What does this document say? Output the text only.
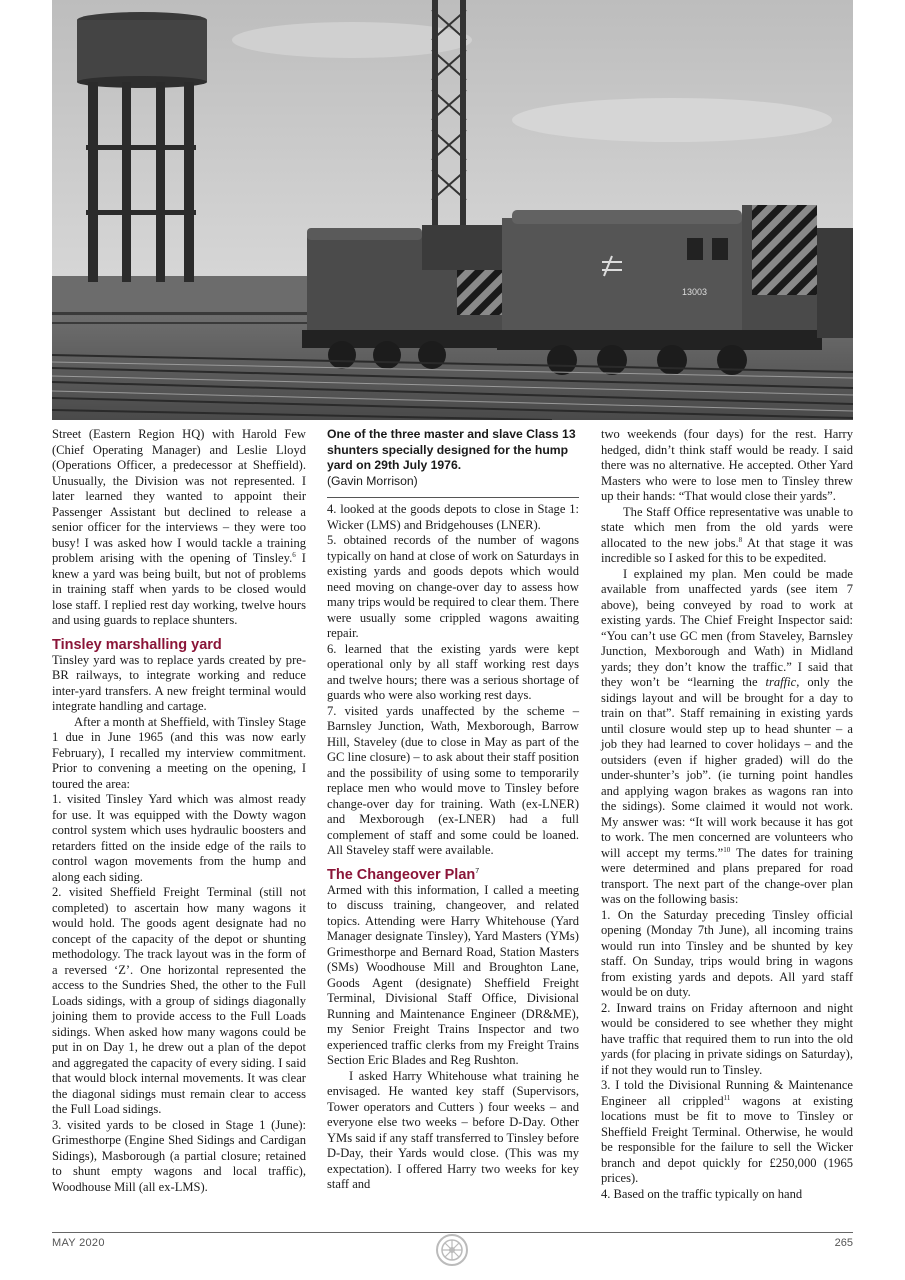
13003

Street (Eastern Region HQ) with Harold Few (Chief Operating Manager) and Leslie Lloyd (Operations Officer, a predecessor at Sheffield). Unusually, the Division was not represented. I later learned they wanted to appoint their Passenger Assistant but declined to release a senior officer for the interviews – they were too busy! I was asked how I would tackle a training problem arising with the opening of Tinsley.$^6$ I knew a yard was being built, but not of problems in training staff when yards to be closed would lose staff. I replied rest day working, twelve hours and using guards to replace shunters.

Tinsley marshalling yard

Tinsley yard was to replace yards created by pre-BR railways, to integrate working and reduce inter-yard transfers. A new freight terminal would integrate handling and cartage.

After a month at Sheffield, with Tinsley Stage 1 due in June 1965 (and this was now early February), I recalled my interview commitment. Prior to convening a meeting on the opening, I toured the area:

1. visited Tinsley Yard which was almost ready for use. It was equipped with the Dowty wagon control system which uses hydraulic boosters and retarders fitted on the inside edge of the rails to control wagon movements from the hump and along each siding.

2. visited Sheffield Freight Terminal (still not completed) to ascertain how many wagons it would hold. The goods agent designate had no concept of the capacity of the depot or shunting methodology. The track layout was in the form of a reversed ‘Z’. One horizontal represented the access to the Sundries Shed, the other to the Full Loads sidings, with a group of sidings diagonally joining them to provide access to the Full Loads sidings. When asked how many wagons could be put in on Day 1, he drew out a plan of the depot and aggregated the capacity of every siding. I said that would block internal movements. It was clear the diagonal sidings must remain clear to access the Full Load sidings.

3. visited yards to be closed in Stage 1 (June): Grimesthorpe (Engine Shed Sidings and Cardigan Sidings), Masborough (a partial closure; retained to shunt empty wagons and local traffic), Woodhouse Mill (all ex-LMS).

One of the three master and slave Class 13 shunters specially designed for the hump yard on 29th July 1976.
(Gavin Morrison)

4. looked at the goods depots to close in Stage 1: Wicker (LMS) and Bridgehouses (LNER).

5. obtained records of the number of wagons typically on hand at close of work on Saturdays in existing yards and goods depots which would need moving on change-over day to assess how many trips would be required to clear them. There were usually some crippled wagons awaiting repair.

6. learned that the existing yards were kept operational only by all staff working rest days and twelve hours; there was a serious shortage of guards who were also working rest days.

7. visited yards unaffected by the scheme – Barnsley Junction, Wath, Mexborough, Barrow Hill, Staveley (due to close in May as part of the GC line closure) – to ask about their staff position and the possibility of using some to temporarily replace men who would move to Tinsley before change-over day for training. Wath (ex-LNER) and Mexborough (ex-LNER) had a full complement of staff and some could be loaned. All Staveley staff were available.

The Changeover Plan$^7$

Armed with this information, I called a meeting to discuss training, changeover, and related topics. Attending were Harry Whitehouse (Yard Manager designate Tinsley), Yard Masters (YMs) Grimesthorpe and Bernard Road, Station Masters (SMs) Woodhouse Mill and Broughton Lane, Goods Agent (designate) Sheffield Freight Terminal, Divisional Staff Office, Divisional Running and Maintenance Engineer (DR&ME), my Senior Freight Trains Inspector and two experienced traffic clerks from my Freight Trains Section Eric Blades and Reg Rushton.

I asked Harry Whitehouse what training he envisaged. He wanted key staff (Supervisors, Tower operators and Cutters ) four weeks – and everyone else two weeks – before D-Day. Other YMs said if any staff transferred to Tinsley before D-Day, their Yards would close. (This was my expectation). I offered Harry two weeks for key staff and

two weekends (four days) for the rest. Harry hedged, didn’t think staff would be ready. I said there was no alternative. He accepted. Other Yard Masters who were to lose men to Tinsley threw up their hands: “That would close their yards”.

The Staff Office representative was unable to state which men from the old yards were allocated to the new jobs.$^8$ At that stage it was incredible so I asked for this to be expedited.

I explained my plan. Men could be made available from unaffected yards (see item 7 above), being conveyed by road to work at existing yards. The Chief Freight Inspector said: “You can’t use GC men (from Staveley, Barnsley Junction, Mexborough and Wath) in Midland yards; they don’t know the traffic.” I said that they won’t be “learning the traffic, only the sidings layout and will be brought for a day to train on that”. Staff remaining in existing yards until closure would step up to head shunter – a job they had learned to cover holidays – and the outsiders (even if higher graded) will do the under-shunter’s job”. (ie turning point handles and applying wagon brakes as wagons ran into the sidings). Some claimed it would not work. My answer was: “It will work because it has got to work. The men concerned are volunteers who will accept my terms.”$^{10}$ The dates for training were determined and plans prepared for road transport. The next part of the change-over plan was on the following basis:

1. On the Saturday preceding Tinsley official opening (Monday 7th June), all incoming trains would run into Tinsley and be shunted by key staff. On Sunday, trips would bring in wagons from existing yards and depots. All yard staff would be on duty.

2. Inward trains on Friday afternoon and night would be considered to see whether they might have traffic that required them to run into the old yards (for placing in private sidings on Saturday), if not they would run to Tinsley.

3. I told the Divisional Running & Maintenance Engineer all crippled$^{11}$ wagons at existing locations must be fit to move to Tinsley or Sheffield Freight Terminal. Otherwise, he would be responsible for the failure to sell the Wicker branch and depot quickly for £250,000 (1965 prices).

4. Based on the traffic typically on hand

MAY 2020	265
